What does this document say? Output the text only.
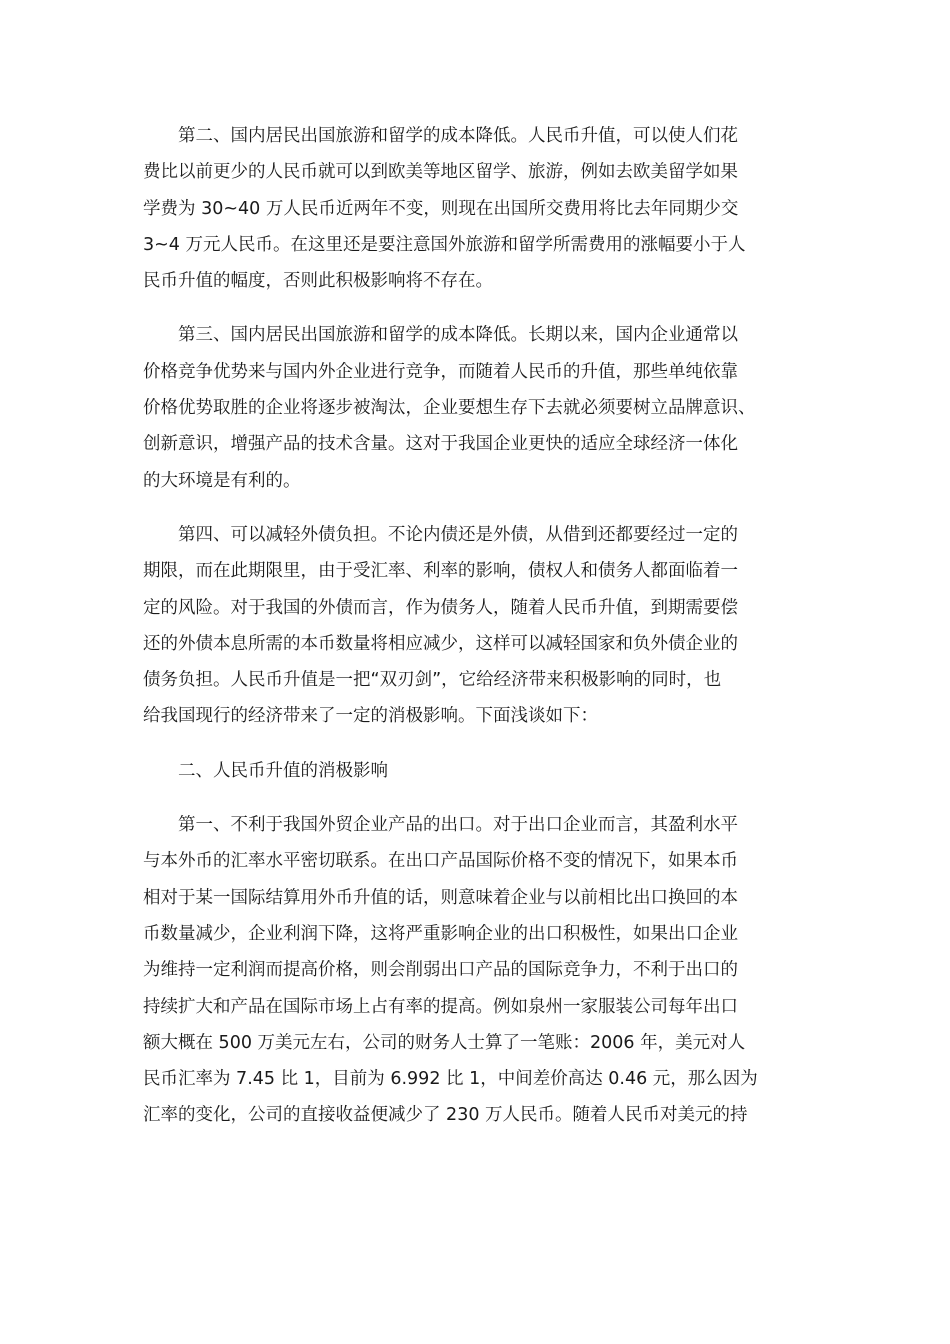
第二、国内居民出国旅游和留学的成本降低。人民币升值，可以使人们花
费比以前更少的人民币就可以到欧美等地区留学、旅游，例如去欧美留学如果
学费为 30~40 万人民币近两年不变，则现在出国所交费用将比去年同期少交
3~4 万元人民币。在这里还是要注意国外旅游和留学所需费用的涨幅要小于人
民币升值的幅度，否则此积极影响将不存在。
第三、国内居民出国旅游和留学的成本降低。长期以来，国内企业通常以
价格竞争优势来与国内外企业进行竞争，而随着人民币的升值，那些单纯依靠
价格优势取胜的企业将逐步被淘汰，企业要想生存下去就必须要树立品牌意识、
创新意识，增强产品的技术含量。这对于我国企业更快的适应全球经济一体化
的大环境是有利的。
第四、可以减轻外债负担。不论内债还是外债，从借到还都要经过一定的
期限，而在此期限里，由于受汇率、利率的影响，债权人和债务人都面临着一
定的风险。对于我国的外债而言，作为债务人，随着人民币升值，到期需要偿
还的外债本息所需的本币数量将相应减少，这样可以减轻国家和负外债企业的
债务负担。人民币升值是一把“双刃剑”，它给经济带来积极影响的同时，也
给我国现行的经济带来了一定的消极影响。下面浅谈如下：
二、人民币升值的消极影响
第一、不利于我国外贸企业产品的出口。对于出口企业而言，其盈利水平
与本外币的汇率水平密切联系。在出口产品国际价格不变的情况下，如果本币
相对于某一国际结算用外币升值的话，则意味着企业与以前相比出口换回的本
币数量减少，企业利润下降，这将严重影响企业的出口积极性，如果出口企业
为维持一定利润而提高价格，则会削弱出口产品的国际竞争力，不利于出口的
持续扩大和产品在国际市场上占有率的提高。例如泉州一家服装公司每年出口
额大概在 500 万美元左右，公司的财务人士算了一笔账：2006 年，美元对人
民币汇率为 7.45 比 1，目前为 6.992 比 1，中间差价高达 0.46 元，那么因为
汇率的变化，公司的直接收益便减少了 230 万人民币。随着人民币对美元的持
